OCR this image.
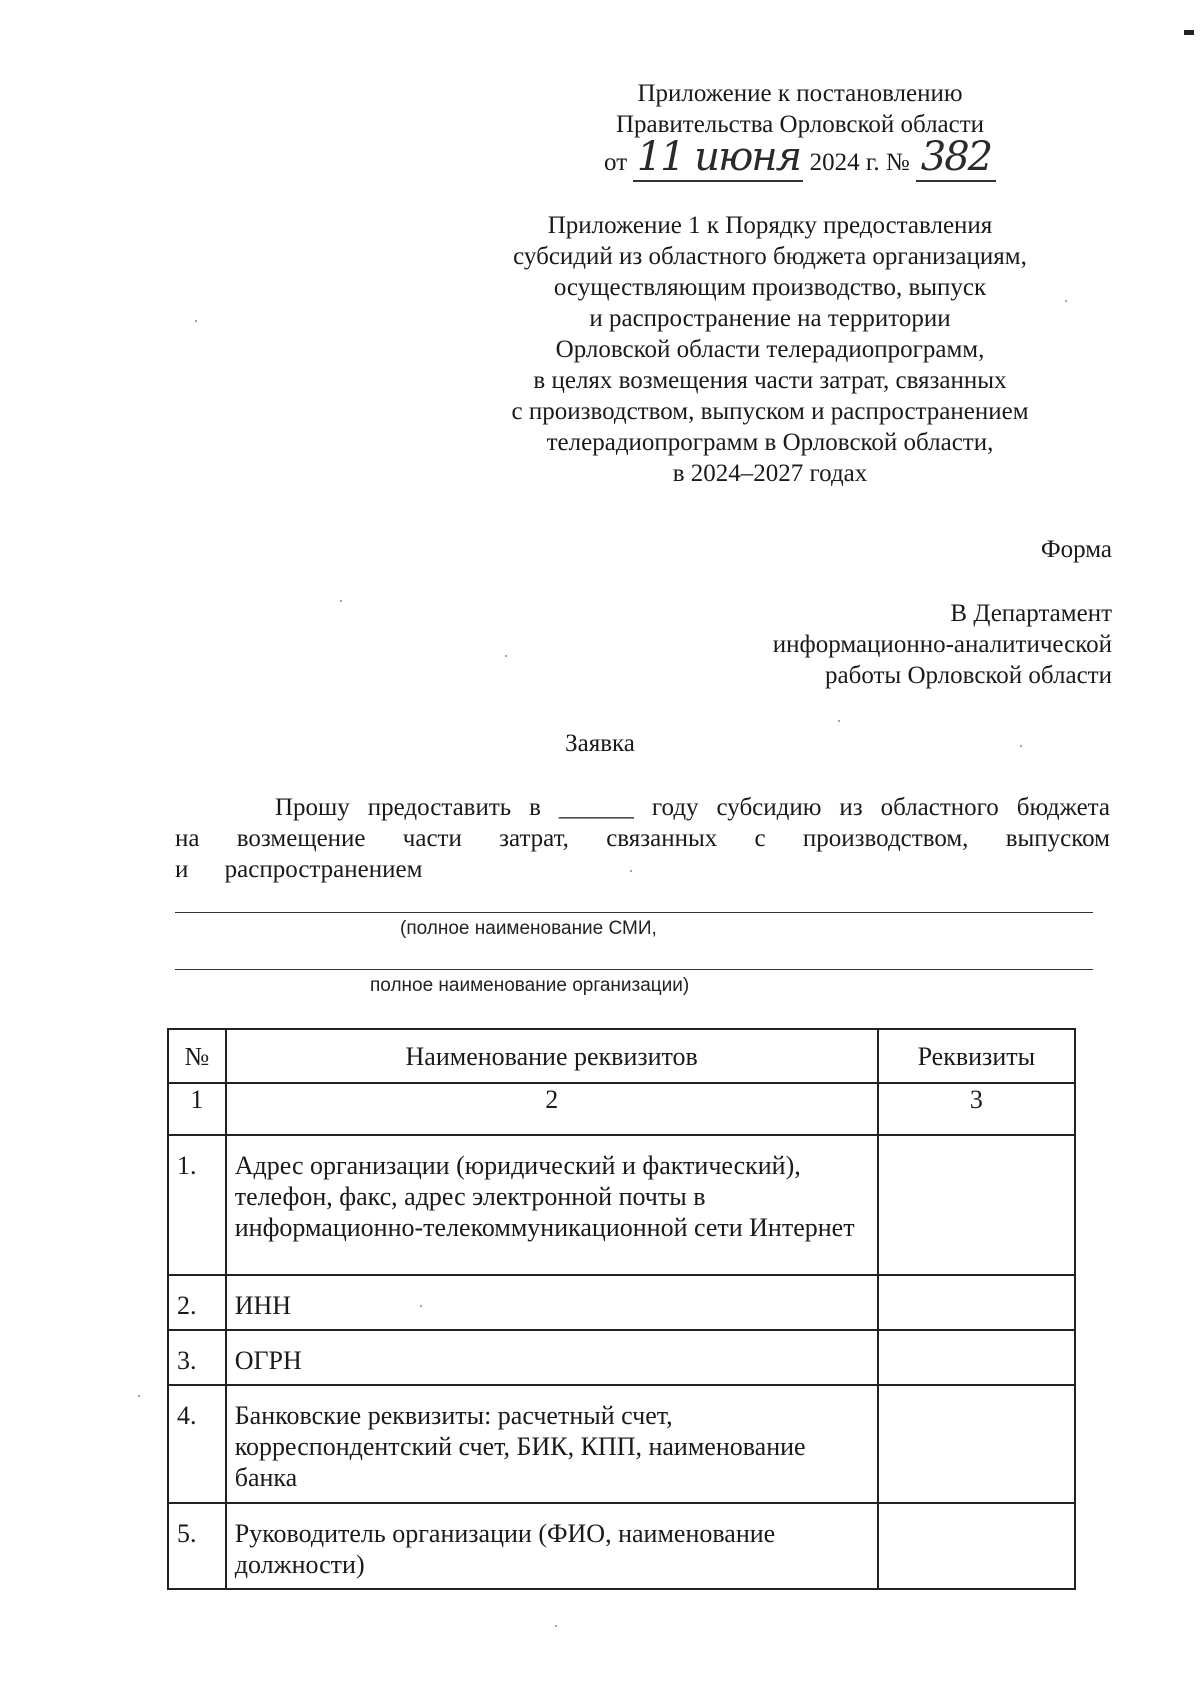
Приложение к постановлению
Правительства Орловской области
от 11 июня 2024 г. № 382
Приложение 1 к Порядку предоставления
субсидий из областного бюджета организациям,
осуществляющим производство, выпуск
и распространение на территории
Орловской области телерадиопрограмм,
в целях возмещения части затрат, связанных
с производством, выпуском и распространением
телерадиопрограмм в Орловской области,
в 2024–2027 годах
Форма
В Департамент
информационно-аналитической
работы Орловской области
Заявка
Прошу предоставить в ______ году субсидию из областного бюджета
на возмещение части затрат, связанных с производством, выпуском
и распространением
(полное наименование СМИ,
полное наименование организации)
№	Наименование реквизитов	Реквизиты
1	2	3
1.	Адрес организации (юридический и фактический), телефон, факс, адрес электронной почты в информационно-телекоммуникационной сети Интернет	
2.	ИНН	
3.	ОГРН	
4.	Банковские реквизиты: расчетный счет, корреспондентский счет, БИК, КПП, наименование банка	
5.	Руководитель организации (ФИО, наименование должности)	
